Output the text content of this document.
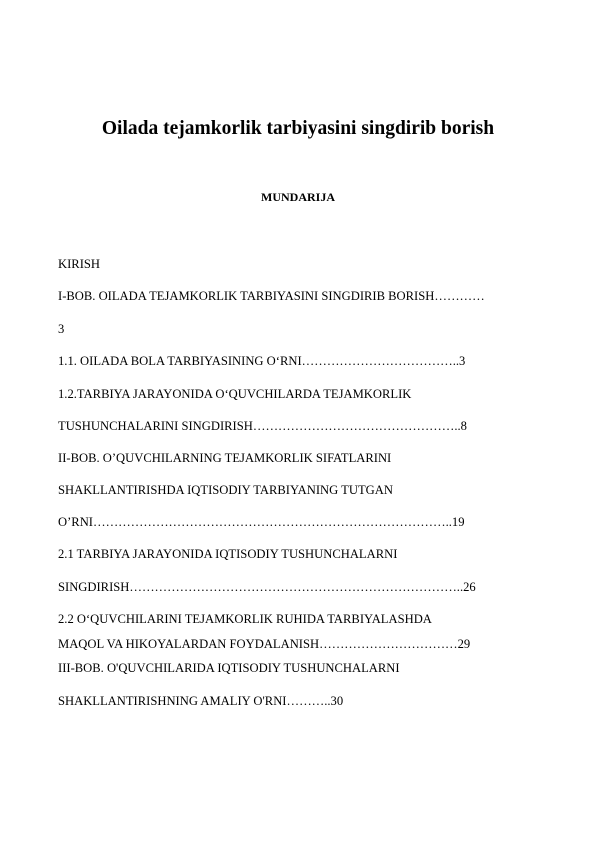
Oilada tejamkorlik tarbiyasini singdirib borish
MUNDARIJA
KIRISH
I-BOB. OILADA TEJAMKORLIK TARBIYASINI SINGDIRIB BORISH…………
3
1.1. OILADA BOLA TARBIYASINING O‘RNI………………………………..3
1.2.TARBIYA JARAYONIDA O‘QUVCHILARDA TEJAMKORLIK
TUSHUNCHALARINI SINGDIRISH…………………………………………..8
II-BOB. O’QUVCHILARNING TEJAMKORLIK SIFATLARINI
SHAKLLANTIRISHDA IQTISODIY TARBIYANING TUTGAN
O’RNI…………………………………………………………………………..19
2.1 TARBIYA JARAYONIDA IQTISODIY TUSHUNCHALARNI
SINGDIRISH……………………………………………………………………..26
2.2 O‘QUVCHILARINI TEJAMKORLIK RUHIDA TARBIYALASHDA
MAQOL VA HIKOYALARDAN FOYDALANISH……………………………29
III-BOB. O'QUVCHILARIDA IQTISODIY TUSHUNCHALARNI
SHAKLLANTIRISHNING AMALIY O'RNI………..30
